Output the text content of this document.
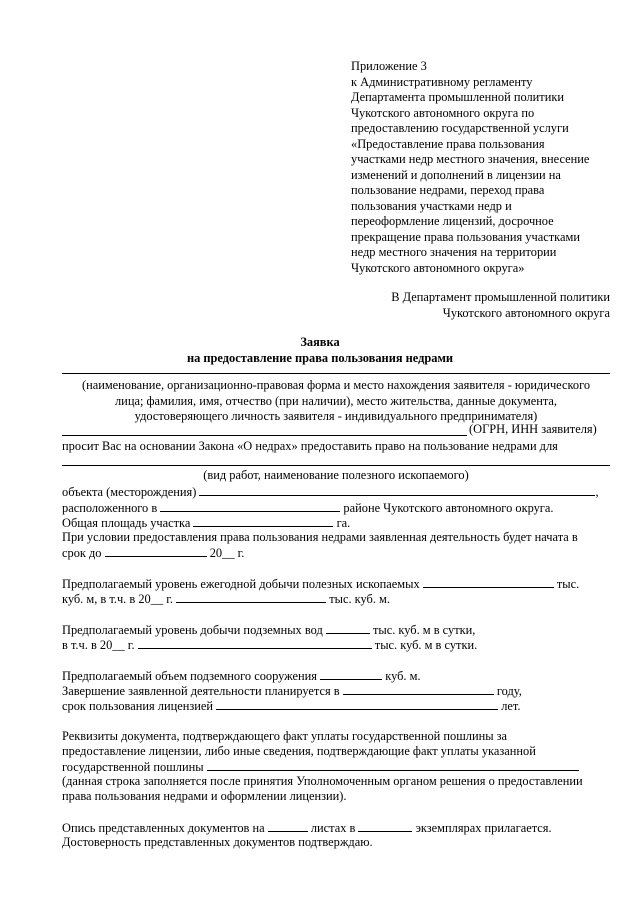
Приложение 3
к Административному регламенту
Департамента промышленной политики
Чукотского автономного округа по
предоставлению государственной услуги
«Предоставление права пользования
участками недр местного значения, внесение
изменений и дополнений в лицензии на
пользование недрами, переход права
пользования участками недр и
переоформление лицензий, досрочное
прекращение права пользования участками
недр местного значения на территории
Чукотского автономного округа»
В Департамент промышленной политики
Чукотского автономного округа
Заявка
на предоставление права пользования недрами
(наименование, организационно-правовая форма и место нахождения заявителя - юридического
лица; фамилия, имя, отчество (при наличии), место жительства, данные документа,
удостоверяющего личность заявителя - индивидуального предпринимателя)
(ОГРН, ИНН заявителя)
просит Вас на основании Закона «О недрах» предоставить право на пользование недрами для
(вид работ, наименование полезного ископаемого)
объекта (месторождения)	,
расположенного в	районе Чукотского автономного округа.
Общая площадь участка	га.
При условии предоставления права пользования недрами заявленная деятельность будет начата в
срок до	20__ г.
Предполагаемый уровень ежегодной добычи полезных ископаемых	тыс.
куб. м, в т.ч. в 20__ г.	тыс. куб. м.
Предполагаемый уровень добычи подземных вод	тыс. куб. м в сутки,
в т.ч. в 20__ г.	тыс. куб. м в сутки.
Предполагаемый объем подземного сооружения	куб. м.
Завершение заявленной деятельности планируется в	году,
срок пользования лицензией	лет.
Реквизиты документа, подтверждающего факт уплаты государственной пошлины за
предоставление лицензии, либо иные сведения, подтверждающие факт уплаты указанной
государственной пошлины
(данная строка заполняется после принятия Уполномоченным органом решения о предоставлении
права пользования недрами и оформлении лицензии).
Опись представленных документов на	листах в	экземплярах прилагается.
Достоверность представленных документов подтверждаю.
